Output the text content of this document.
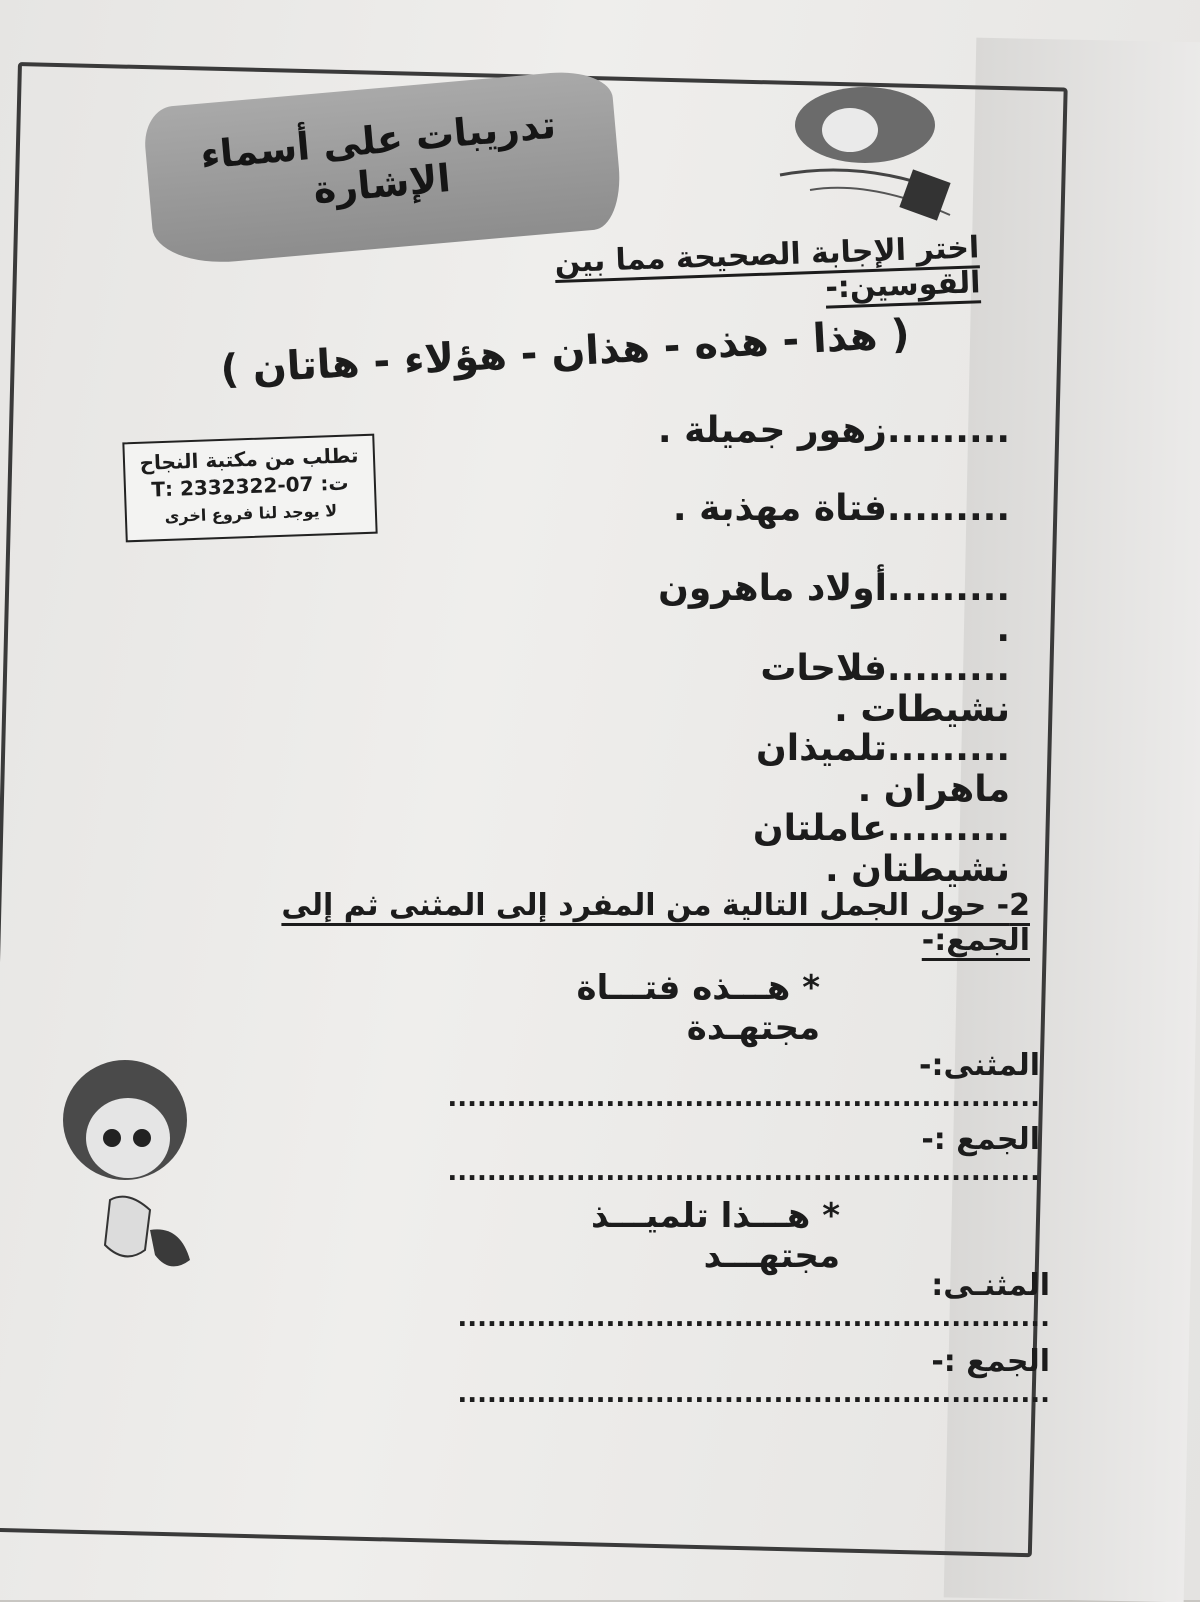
تدريبات على أسماء الإشارة
اختر الإجابة الصحيحة مما بين القوسين:-
( هذا - هذه - هذان - هؤلاء - هاتان )
تطلب من مكتبة النجاح
ت: 07-2332322 :T
لا يوجد لنا فروع اخرى
.........زهور جميلة .
.........فتاة مهذبة .
.........أولاد ماهرون .
.........فلاحات نشيطات .
.........تلميذان ماهران .
.........عاملتان نشيطتان .
2- حول الجمل التالية من المفرد إلى المثنى ثم إلى الجمع:-
* هـــذه فتـــاة مجتهـدة
المثنى:- ............................................................
الجمع :- ............................................................
* هـــذا تلميـــذ مجتهـــد
المثنـى: ............................................................
الجمع :- ............................................................
